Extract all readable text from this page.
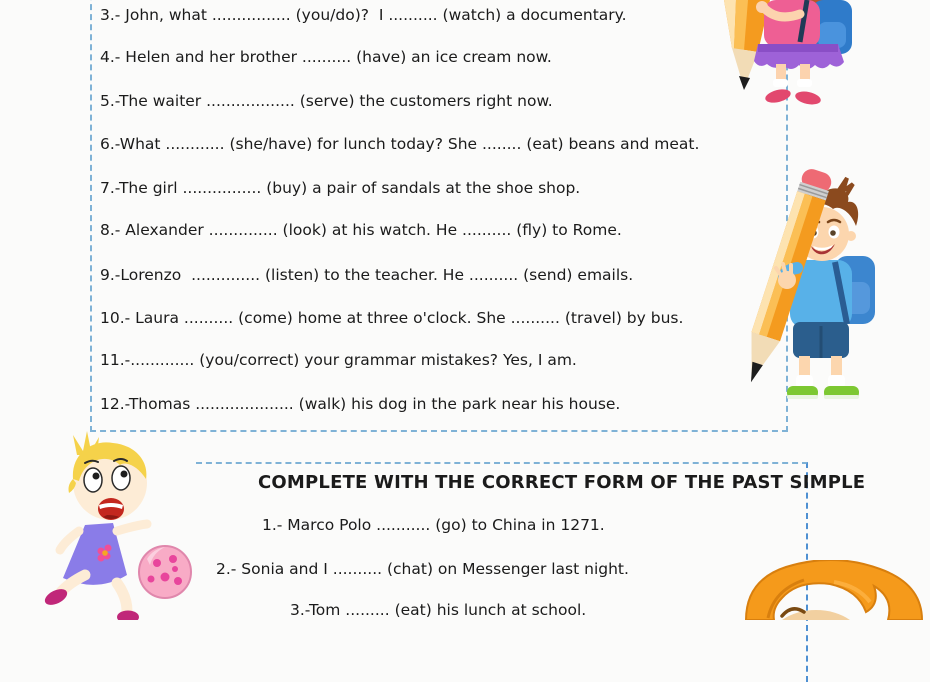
3.- John, what ................ (you/do)?  I .......... (watch) a documentary.
4.- Helen and her brother .......... (have) an ice cream now.
5.-The waiter .................. (serve) the customers right now.
6.-What ............ (she/have) for lunch today? She ........ (eat) beans and meat.
7.-The girl ................ (buy) a pair of sandals at the shoe shop.
8.- Alexander .............. (look) at his watch. He .......... (fly) to Rome.
9.-Lorenzo  .............. (listen) to the teacher. He .......... (send) emails.
10.- Laura .......... (come) home at three o'clock. She .......... (travel) by bus.
11.-............. (you/correct) your grammar mistakes? Yes, I am.
12.-Thomas .................... (walk) his dog in the park near his house.
COMPLETE WITH THE CORRECT FORM OF THE PAST SIMPLE
1.- Marco Polo ........... (go) to China in 1271.
2.- Sonia and I .......... (chat) on Messenger last night.
3.-Tom ......... (eat) his lunch at school.
